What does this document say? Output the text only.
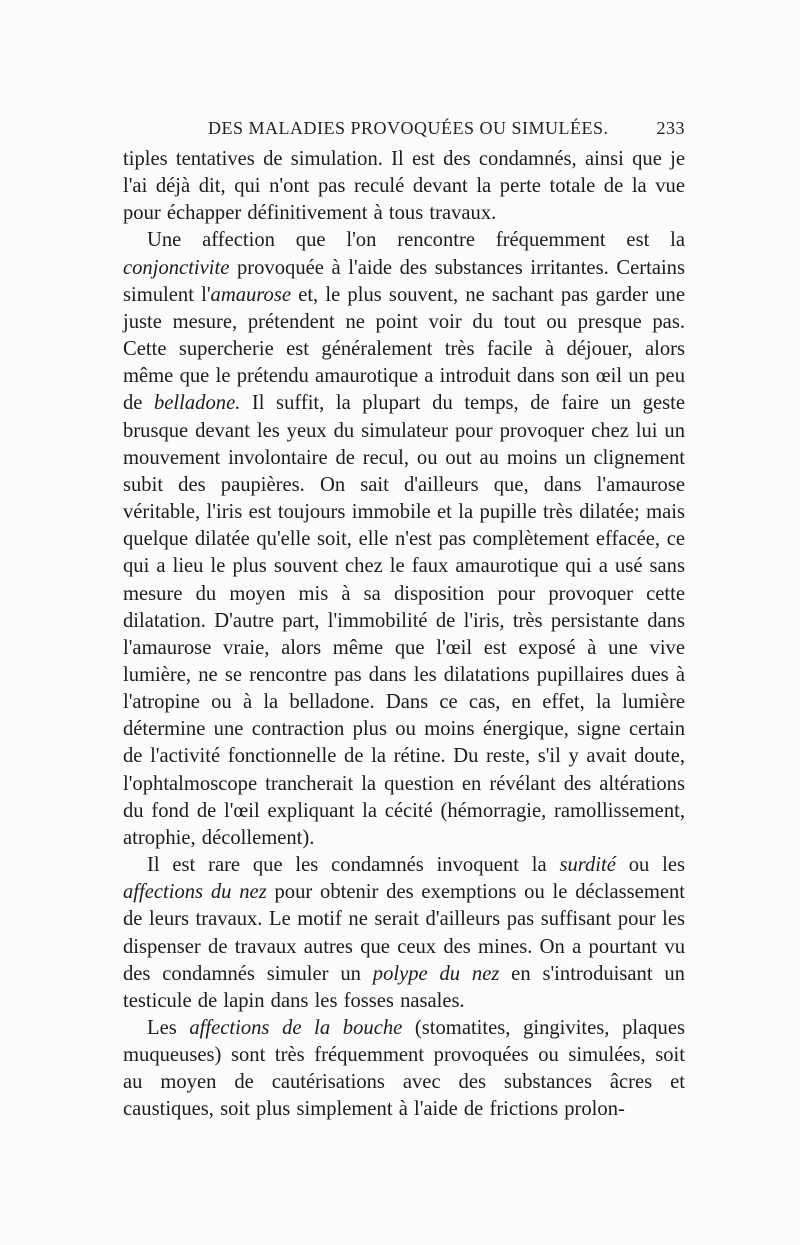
DES MALADIES PROVOQUÉES OU SIMULÉES.	233

tiples tentatives de simulation. Il est des condamnés, ainsi que je l'ai déjà dit, qui n'ont pas reculé devant la perte totale de la vue pour échapper définitivement à tous travaux.

Une affection que l'on rencontre fréquemment est la conjonctivite provoquée à l'aide des substances irritantes. Certains simulent l'amaurose et, le plus souvent, ne sachant pas garder une juste mesure, prétendent ne point voir du tout ou presque pas. Cette supercherie est généralement très facile à déjouer, alors même que le prétendu amaurotique a introduit dans son œil un peu de belladone. Il suffit, la plupart du temps, de faire un geste brusque devant les yeux du simulateur pour provoquer chez lui un mouvement involontaire de recul, ou out au moins un clignement subit des paupières. On sait d'ailleurs que, dans l'amaurose véritable, l'iris est toujours immobile et la pupille très dilatée; mais quelque dilatée qu'elle soit, elle n'est pas complètement effacée, ce qui a lieu le plus souvent chez le faux amaurotique qui a usé sans mesure du moyen mis à sa disposition pour provoquer cette dilatation. D'autre part, l'immobilité de l'iris, très persistante dans l'amaurose vraie, alors même que l'œil est exposé à une vive lumière, ne se rencontre pas dans les dilatations pupillaires dues à l'atropine ou à la belladone. Dans ce cas, en effet, la lumière détermine une contraction plus ou moins énergique, signe certain de l'activité fonctionnelle de la rétine. Du reste, s'il y avait doute, l'ophtalmoscope trancherait la question en révélant des altérations du fond de l'œil expliquant la cécité (hémorragie, ramollissement, atrophie, décollement).

Il est rare que les condamnés invoquent la surdité ou les affections du nez pour obtenir des exemptions ou le déclassement de leurs travaux. Le motif ne serait d'ailleurs pas suffisant pour les dispenser de travaux autres que ceux des mines. On a pourtant vu des condamnés simuler un polype du nez en s'introduisant un testicule de lapin dans les fosses nasales.

Les affections de la bouche (stomatites, gingivites, plaques muqueuses) sont très fréquemment provoquées ou simulées, soit au moyen de cautérisations avec des substances âcres et caustiques, soit plus simplement à l'aide de frictions prolon-
